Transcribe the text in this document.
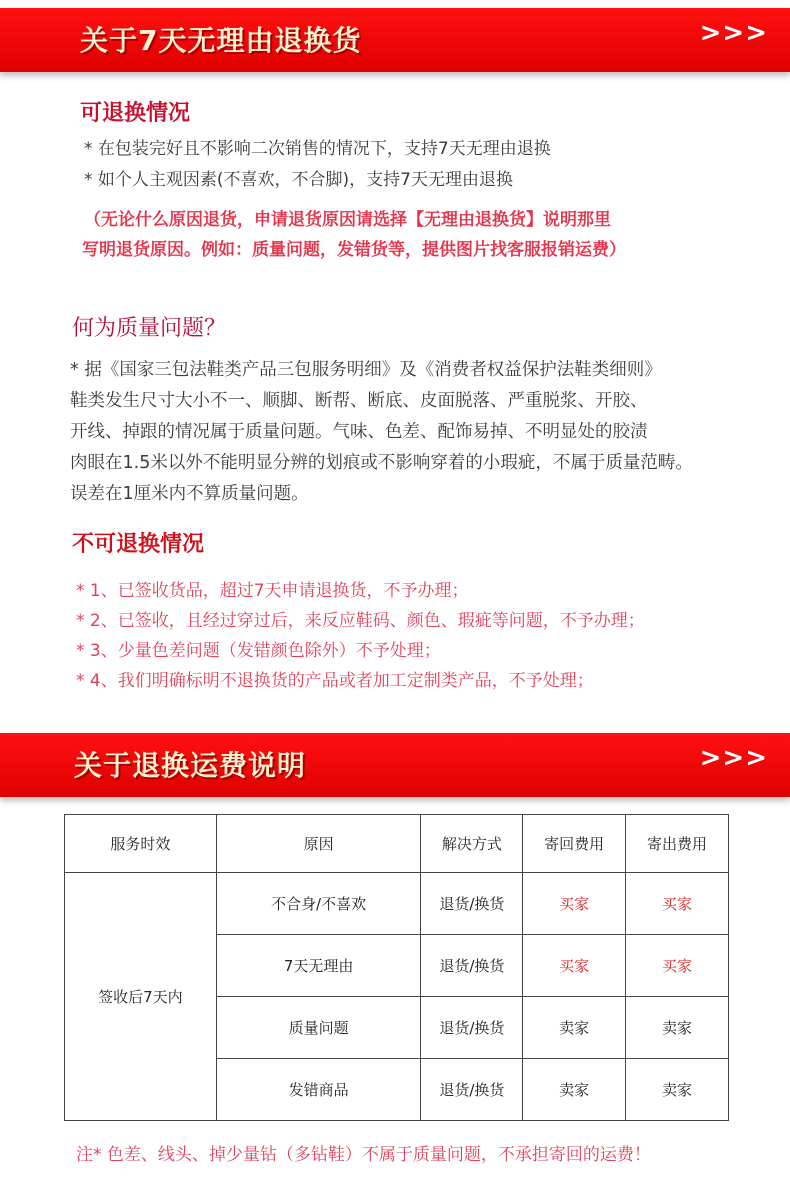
关于7天无理由退换货	>>>
可退换情况
* 在包装完好且不影响二次销售的情况下，支持7天无理由退换
* 如个人主观因素(不喜欢，不合脚)，支持7天无理由退换
（无论什么原因退货，申请退货原因请选择【无理由退换货】说明那里
写明退货原因。例如：质量问题，发错货等，提供图片找客服报销运费）
何为质量问题？
* 据《国家三包法鞋类产品三包服务明细》及《消费者权益保护法鞋类细则》
鞋类发生尺寸大小不一、顺脚、断帮、断底、皮面脱落、严重脱浆、开胶、
开线、掉跟的情况属于质量问题。气味、色差、配饰易掉、不明显处的胶渍
肉眼在1.5米以外不能明显分辨的划痕或不影响穿着的小瑕疵，不属于质量范畴。
误差在1厘米内不算质量问题。
不可退换情况
* 1、已签收货品，超过7天申请退换货，不予办理；
* 2、已签收，且经过穿过后，来反应鞋码、颜色、瑕疵等问题，不予办理；
* 3、少量色差问题（发错颜色除外）不予处理；
* 4、我们明确标明不退换货的产品或者加工定制类产品，不予处理；
关于退换运费说明	>>>
服务时效	原因	解决方式	寄回费用	寄出费用
签收后7天内	不合身/不喜欢	退货/换货	买家	买家
	7天无理由	退货/换货	买家	买家
	质量问题	退货/换货	卖家	卖家
	发错商品	退货/换货	卖家	卖家
注* 色差、线头、掉少量钻（多钻鞋）不属于质量问题，不承担寄回的运费！
